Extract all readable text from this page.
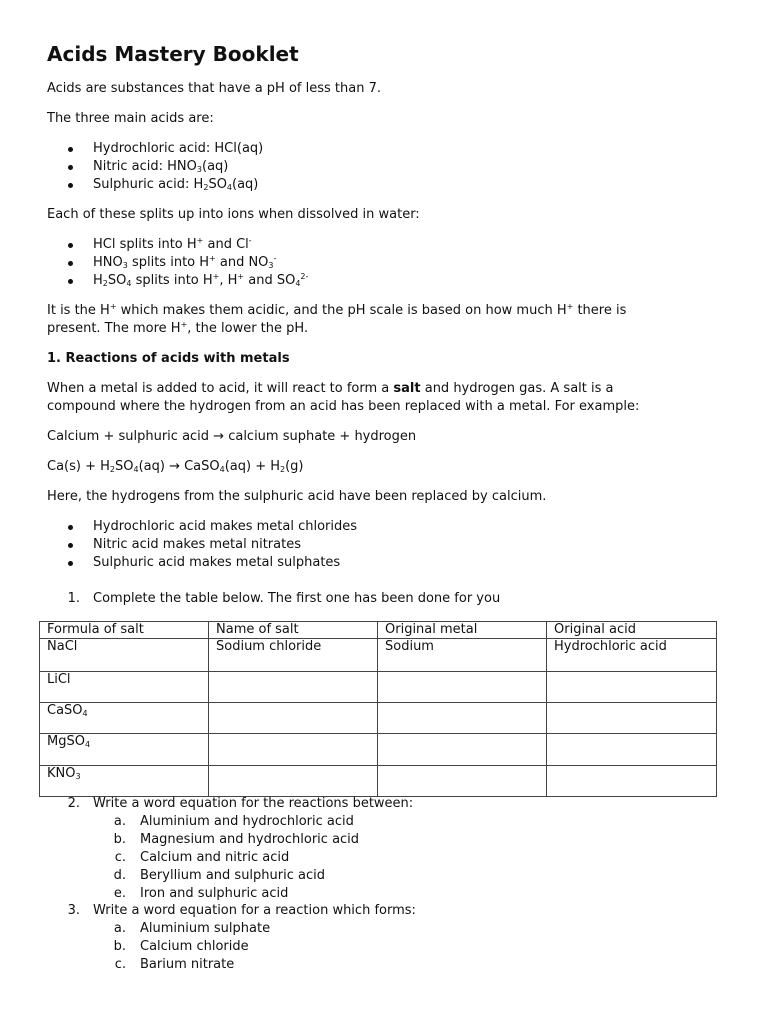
Acids Mastery Booklet
Acids are substances that have a pH of less than 7.
The three main acids are:
Hydrochloric acid: HCl(aq)
Nitric acid: $HNO_3(aq)$
Sulphuric acid: $H_2SO_4(aq)$
Each of these splits up into ions when dissolved in water:
HCl splits into H+ and Cl-
$HNO_3$ splits into H+ and $NO_3^-$
$H_2SO_4$ splits into H+, H+ and $SO_4^{2-}$
It is the H+ which makes them acidic, and the pH scale is based on how much H+ there is
present. The more H+, the lower the pH.
1. Reactions of acids with metals
When a metal is added to acid, it will react to form a salt and hydrogen gas. A salt is a
compound where the hydrogen from an acid has been replaced with a metal. For example:
Calcium + sulphuric acid → calcium suphate + hydrogen
$Ca(s) + H_2SO_4(aq)$ → CaSO$_4$(aq) + $H_2(g)$
Here, the hydrogens from the sulphuric acid have been replaced by calcium.
Hydrochloric acid makes metal chlorides
Nitric acid makes metal nitrates
Sulphuric acid makes metal sulphates
1. Complete the table below. The first one has been done for you
Formula of salt	Name of salt	Original metal	Original acid
NaCl	Sodium chloride	Sodium	Hydrochloric acid
LiCl			
CaSO$_4$			
MgSO$_4$			
$KNO_3$			
2. Write a word equation for the reactions between:
a. Aluminium and hydrochloric acid
b. Magnesium and hydrochloric acid
c. Calcium and nitric acid
d. Beryllium and sulphuric acid
e. Iron and sulphuric acid
3. Write a word equation for a reaction which forms:
a. Aluminium sulphate
b. Calcium chloride
c. Barium nitrate
